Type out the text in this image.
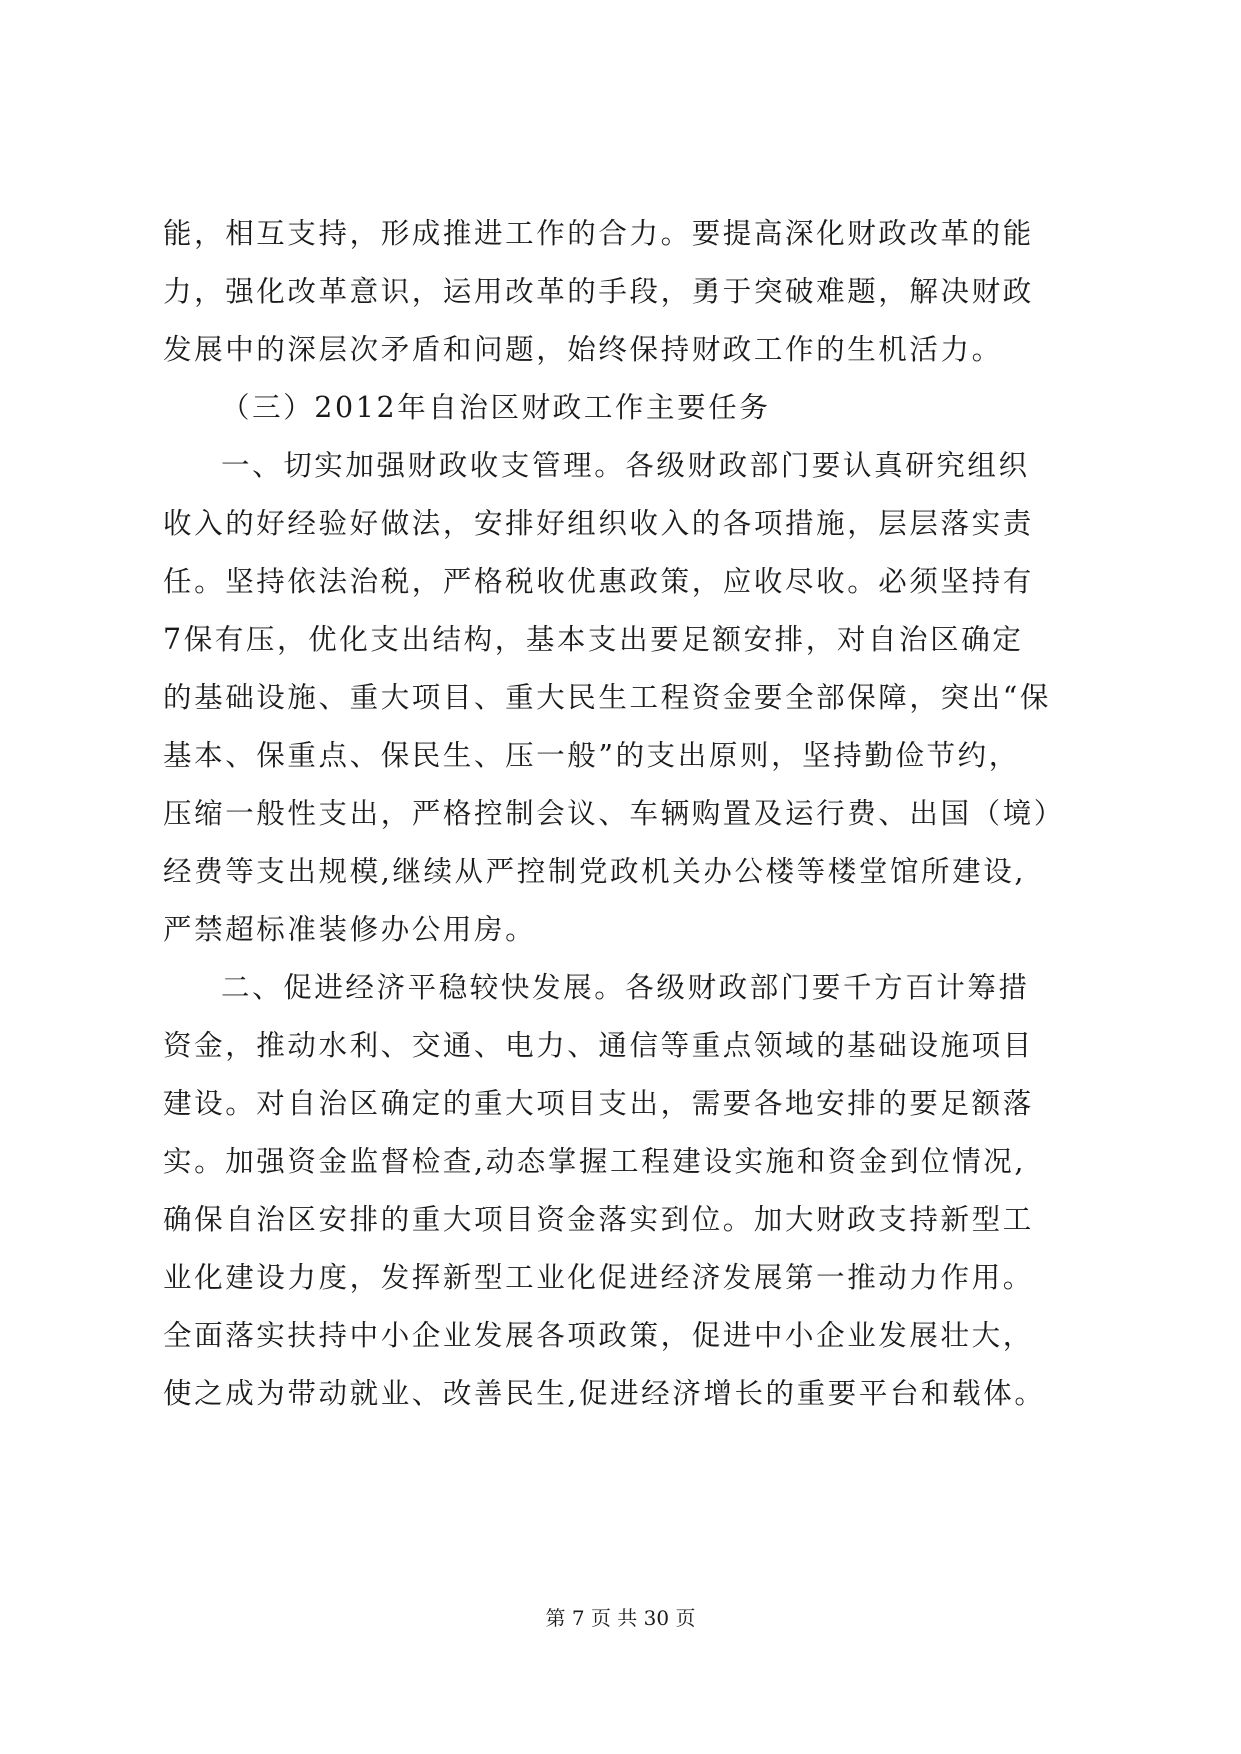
能，相互支持，形成推进工作的合力。要提高深化财政改革的能
力，强化改革意识，运用改革的手段，勇于突破难题，解决财政
发展中的深层次矛盾和问题，始终保持财政工作的生机活力。
（三）2012年自治区财政工作主要任务
一、切实加强财政收支管理。各级财政部门要认真研究组织
收入的好经验好做法，安排好组织收入的各项措施，层层落实责
任。坚持依法治税，严格税收优惠政策，应收尽收。必须坚持有
7保有压，优化支出结构，基本支出要足额安排，对自治区确定
的基础设施、重大项目、重大民生工程资金要全部保障，突出“保
基本、保重点、保民生、压一般”的支出原则，坚持勤俭节约，
压缩一般性支出，严格控制会议、车辆购置及运行费、出国（境）
经费等支出规模,继续从严控制党政机关办公楼等楼堂馆所建设,
严禁超标准装修办公用房。
二、促进经济平稳较快发展。各级财政部门要千方百计筹措
资金，推动水利、交通、电力、通信等重点领域的基础设施项目
建设。对自治区确定的重大项目支出，需要各地安排的要足额落
实。加强资金监督检查,动态掌握工程建设实施和资金到位情况,
确保自治区安排的重大项目资金落实到位。加大财政支持新型工
业化建设力度，发挥新型工业化促进经济发展第一推动力作用。
全面落实扶持中小企业发展各项政策，促进中小企业发展壮大，
使之成为带动就业、改善民生,促进经济增长的重要平台和载体。
第 7 页 共 30 页
